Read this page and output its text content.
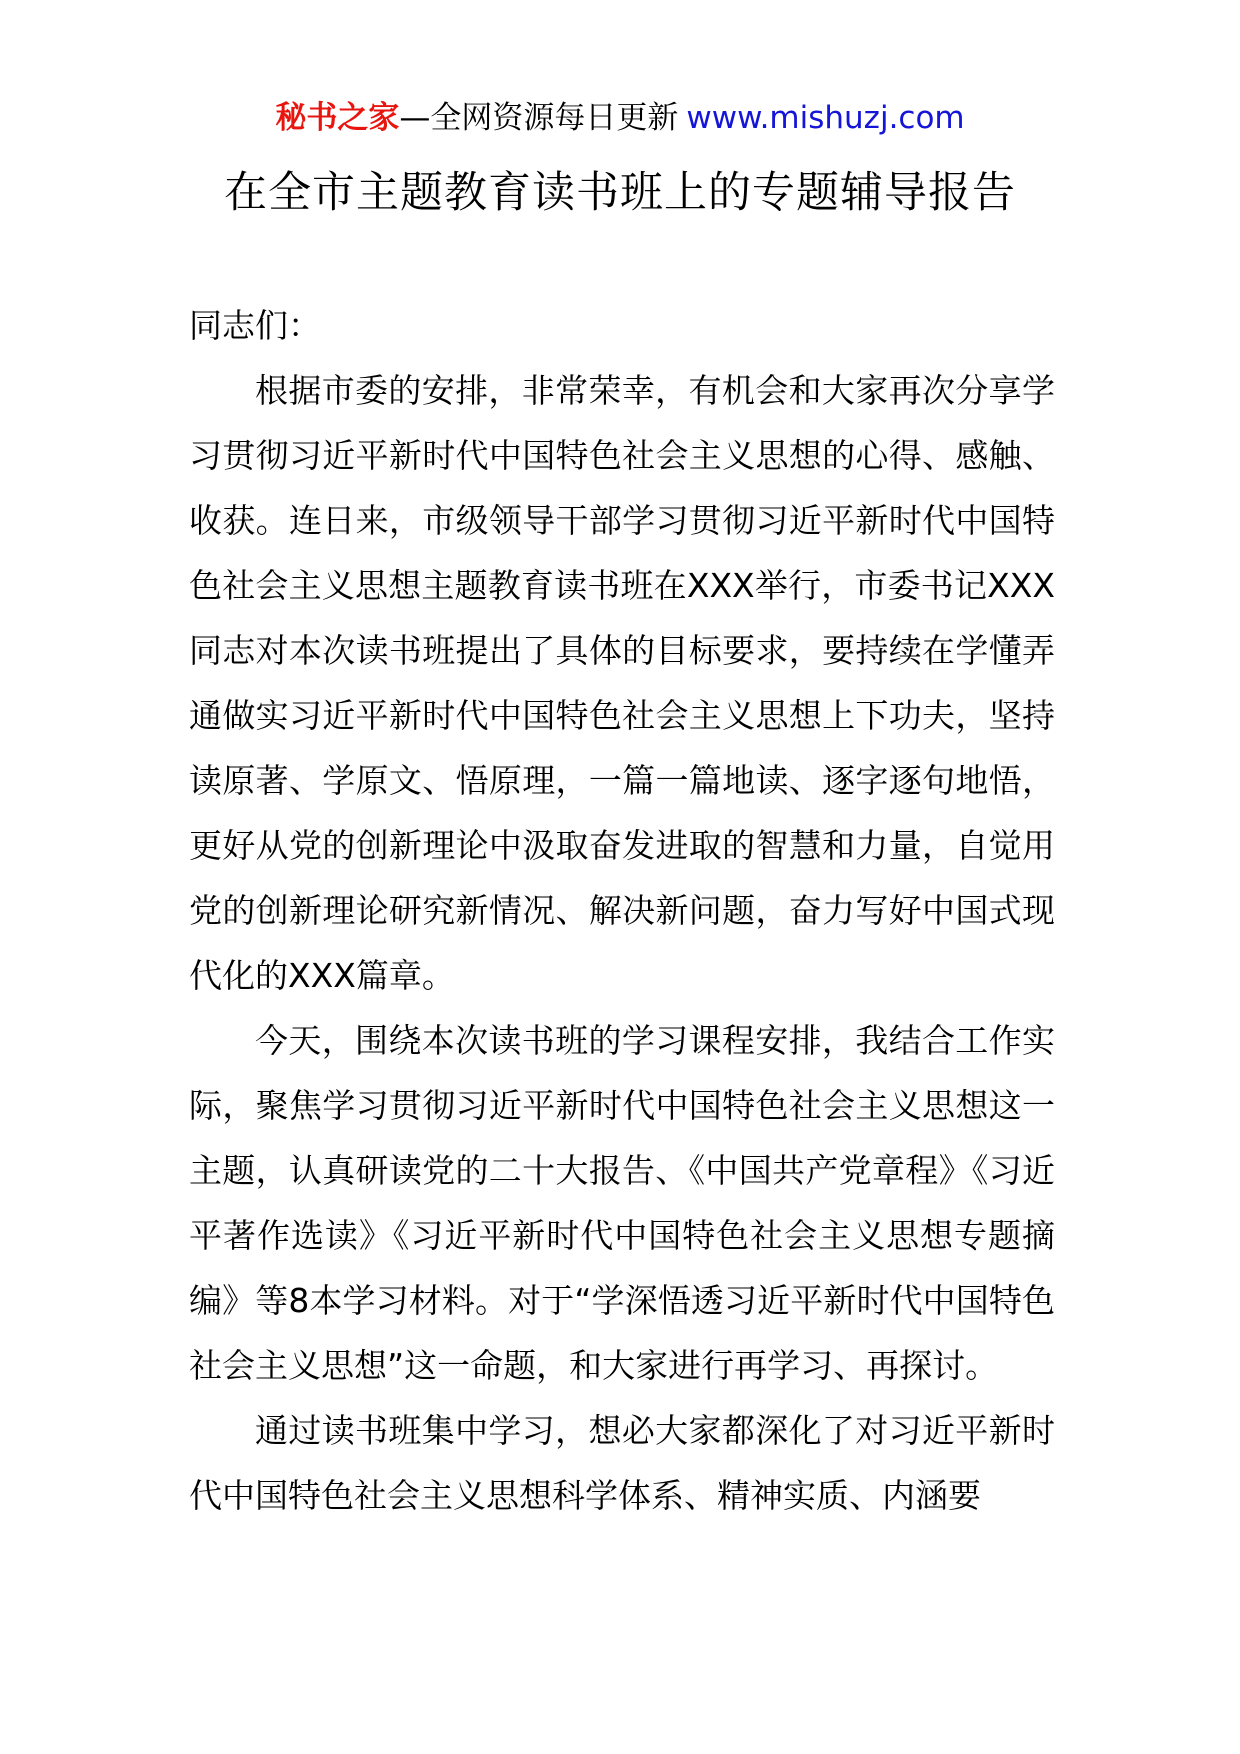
秘书之家—全网资源每日更新 www.mishuzj.com
在全市主题教育读书班上的专题辅导报告

同志们：

根据市委的安排，非常荣幸，有机会和大家再次分享学习贯彻习近平新时代中国特色社会主义思想的心得、感触、收获。连日来，市级领导干部学习贯彻习近平新时代中国特色社会主义思想主题教育读书班在XXX举行，市委书记XXX同志对本次读书班提出了具体的目标要求，要持续在学懂弄通做实习近平新时代中国特色社会主义思想上下功夫，坚持读原著、学原文、悟原理，一篇一篇地读、逐字逐句地悟，更好从党的创新理论中汲取奋发进取的智慧和力量，自觉用党的创新理论研究新情况、解决新问题，奋力写好中国式现代化的XXX篇章。

今天，围绕本次读书班的学习课程安排，我结合工作实际，聚焦学习贯彻习近平新时代中国特色社会主义思想这一主题，认真研读党的二十大报告、《中国共产党章程》《习近平著作选读》《习近平新时代中国特色社会主义思想专题摘编》等8本学习材料。对于“学深悟透习近平新时代中国特色社会主义思想”这一命题，和大家进行再学习、再探讨。

通过读书班集中学习，想必大家都深化了对习近平新时代中国特色社会主义思想科学体系、精神实质、内涵要
